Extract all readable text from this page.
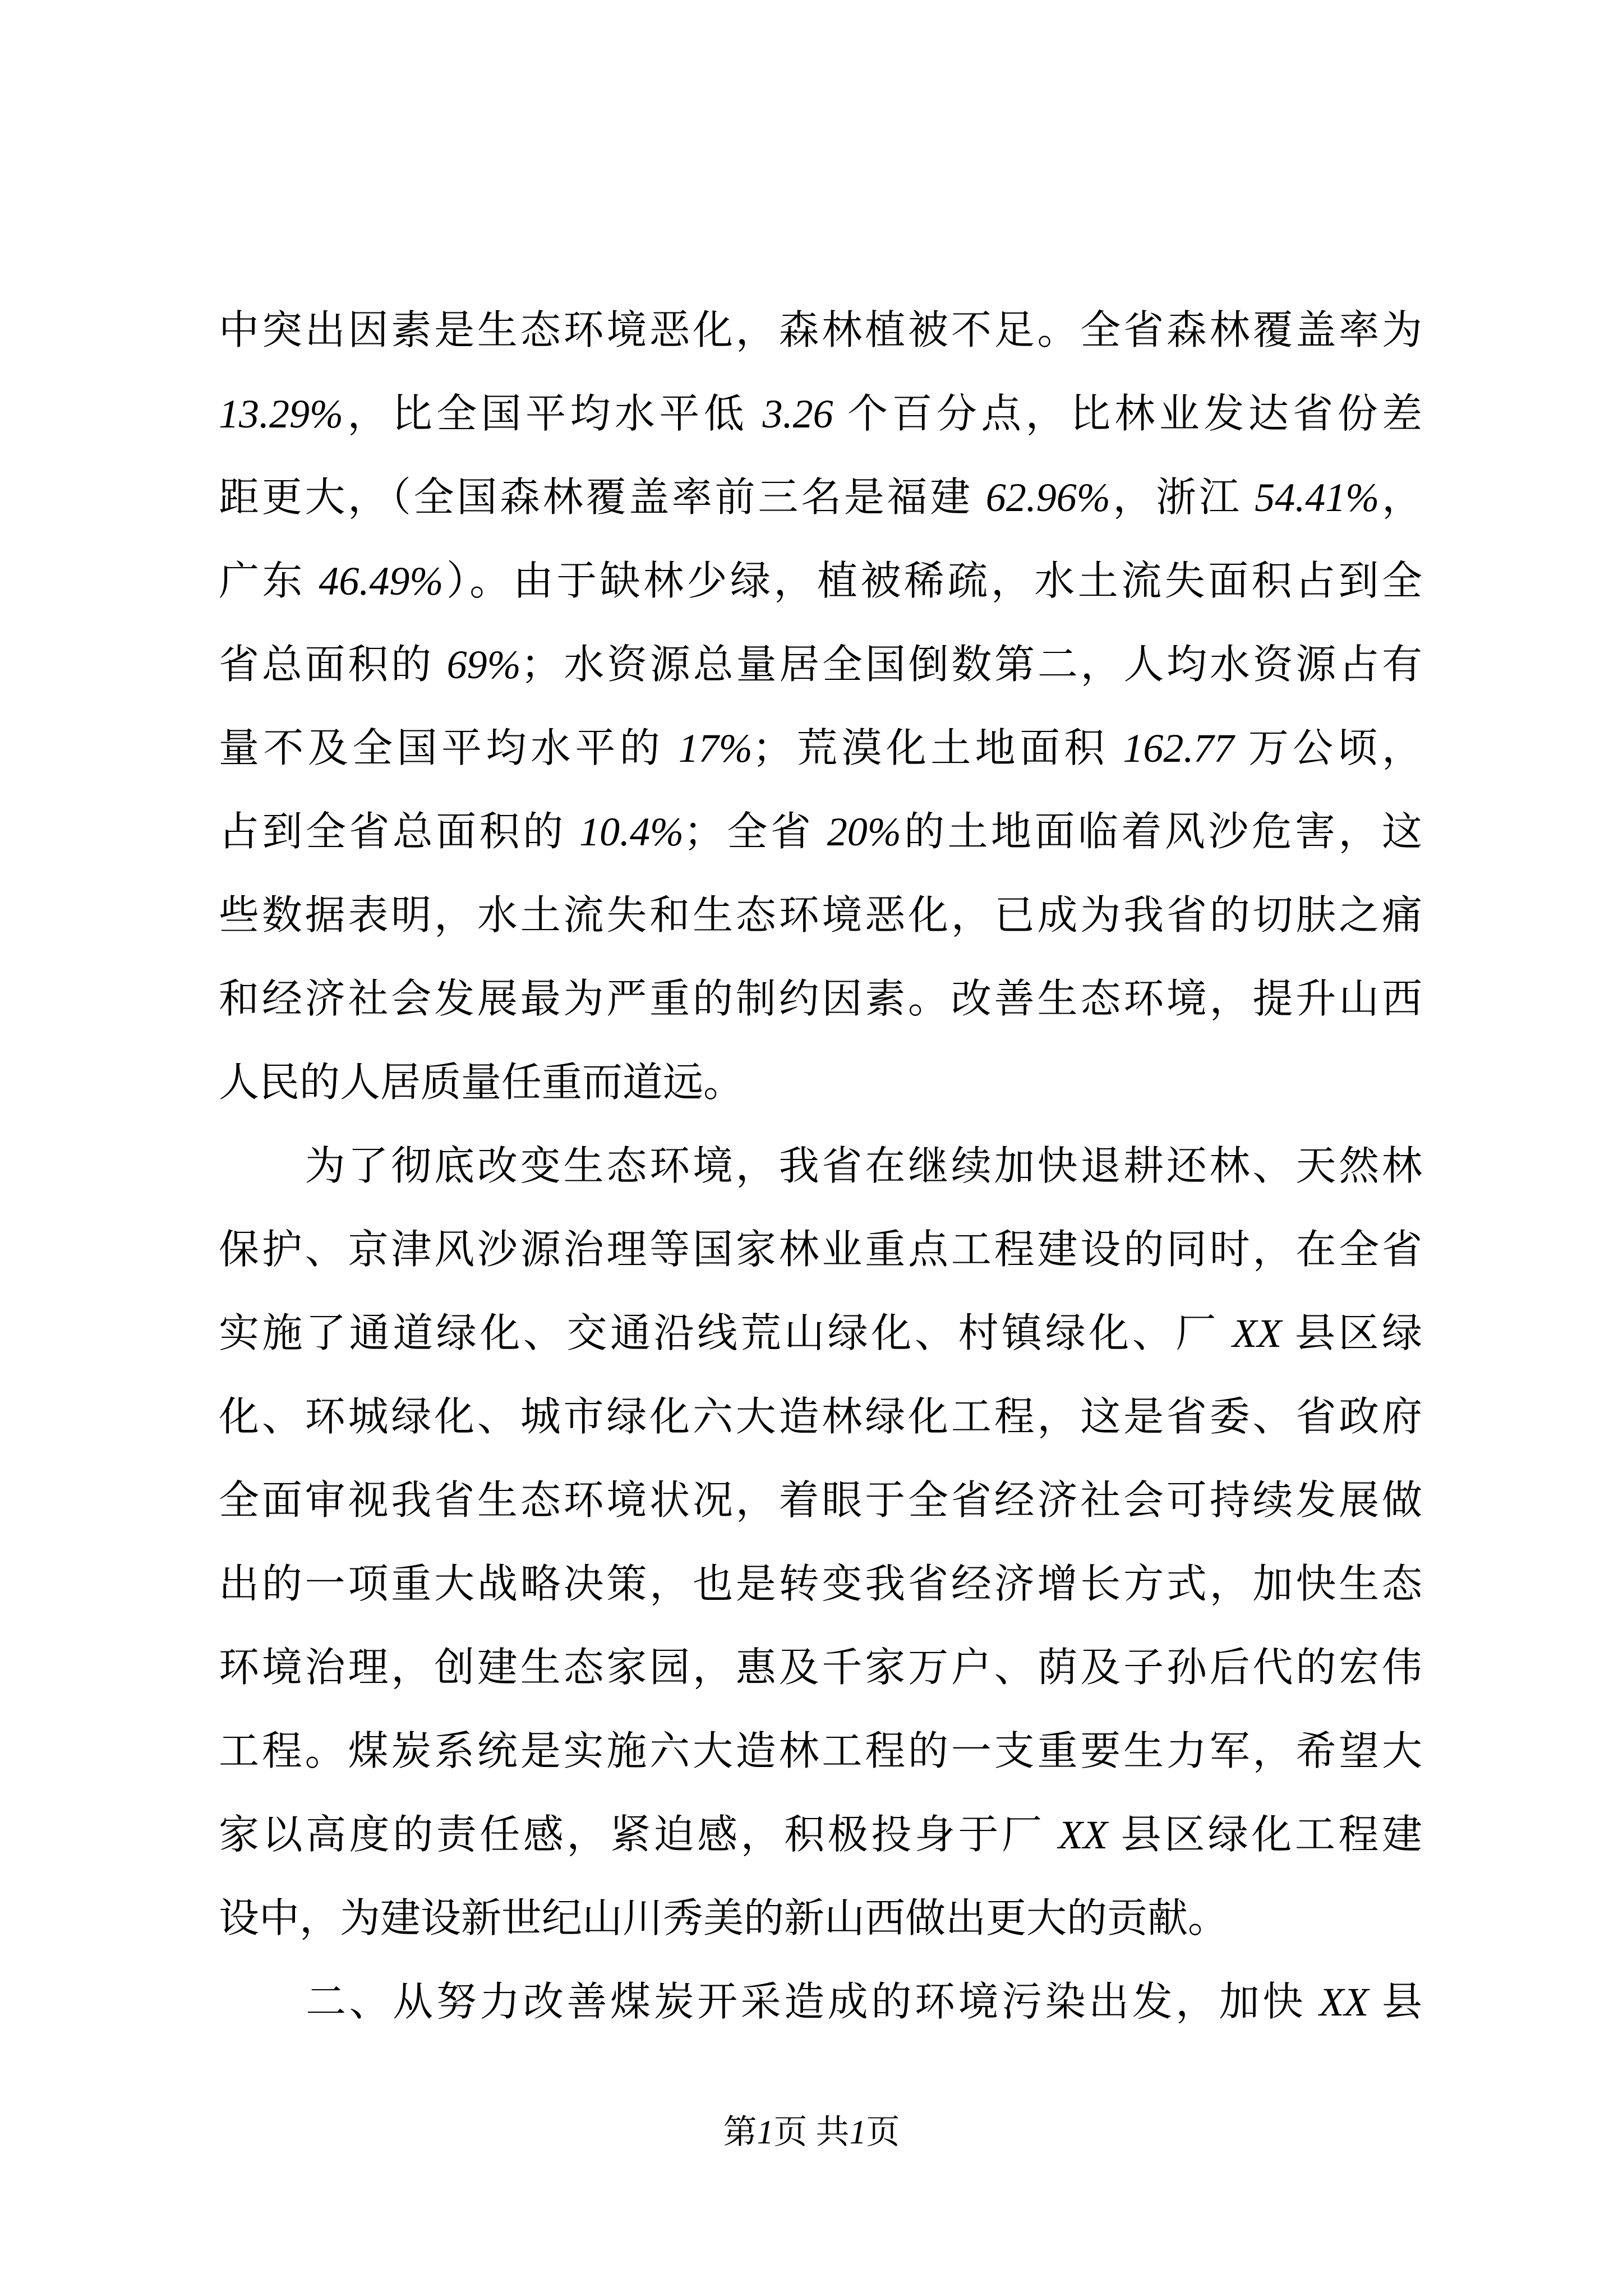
中突出因素是生态环境恶化，森林植被不足。全省森林覆盖率为
13.29%，比全国平均水平低 3.26 个百分点，比林业发达省份差
距更大，（全国森林覆盖率前三名是福建 62.96%，浙江 54.41%，
广东 46.49%）。由于缺林少绿，植被稀疏，水土流失面积占到全
省总面积的 69%；水资源总量居全国倒数第二，人均水资源占有
量不及全国平均水平的 17%；荒漠化土地面积 162.77 万公顷，
占到全省总面积的 10.4%；全省 20%的土地面临着风沙危害，这
些数据表明，水土流失和生态环境恶化，已成为我省的切肤之痛
和经济社会发展最为严重的制约因素。改善生态环境，提升山西
人民的人居质量任重而道远。
　　为了彻底改变生态环境，我省在继续加快退耕还林、天然林
保护、京津风沙源治理等国家林业重点工程建设的同时，在全省
实施了通道绿化、交通沿线荒山绿化、村镇绿化、厂 XX 县区绿
化、环城绿化、城市绿化六大造林绿化工程，这是省委、省政府
全面审视我省生态环境状况，着眼于全省经济社会可持续发展做
出的一项重大战略决策，也是转变我省经济增长方式，加快生态
环境治理，创建生态家园，惠及千家万户、荫及子孙后代的宏伟
工程。煤炭系统是实施六大造林工程的一支重要生力军，希望大
家以高度的责任感，紧迫感，积极投身于厂 XX 县区绿化工程建
设中，为建设新世纪山川秀美的新山西做出更大的贡献。
　　二、从努力改善煤炭开采造成的环境污染出发，加快 XX 县
第1页 共1页
